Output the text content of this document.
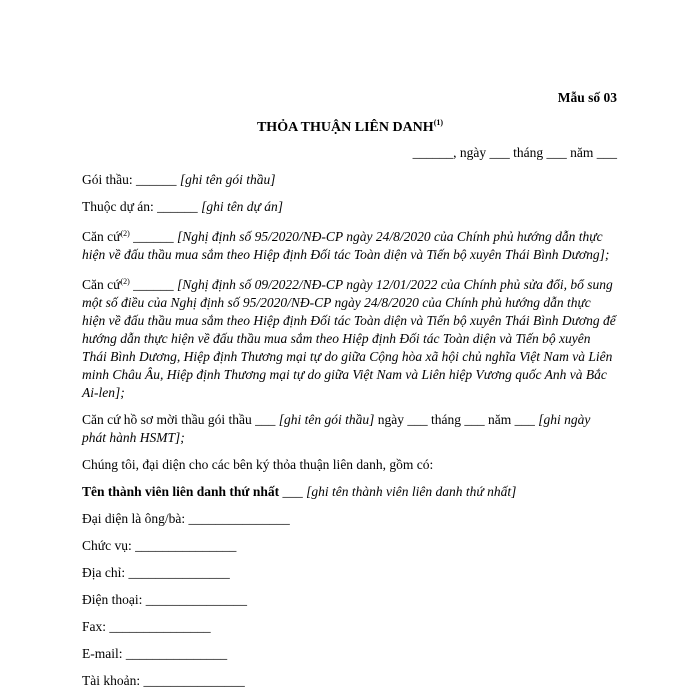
Mẫu số 03
THỎA THUẬN LIÊN DANH$^{(1)}$
______, ngày ___ tháng ___ năm ___

Gói thầu: ______ [ghi tên gói thầu]

Thuộc dự án: ______ [ghi tên dự án]

Căn cứ$^{(2)}$ ______ [Nghị định số 95/2020/NĐ-CP ngày 24/8/2020 của Chính phủ hướng dẫn thực hiện về đấu thầu mua sắm theo Hiệp định Đối tác Toàn diện và Tiến bộ xuyên Thái Bình Dương];

Căn cứ$^{(2)}$ ______ [Nghị định số 09/2022/NĐ-CP ngày 12/01/2022 của Chính phủ sửa đổi, bổ sung một số điều của Nghị định số 95/2020/NĐ-CP ngày 24/8/2020 của Chính phủ hướng dẫn thực hiện về đấu thầu mua sắm theo Hiệp định Đối tác Toàn diện và Tiến bộ xuyên Thái Bình Dương để hướng dẫn thực hiện về đấu thầu mua sắm theo Hiệp định Đối tác Toàn diện và Tiến bộ xuyên Thái Bình Dương, Hiệp định Thương mại tự do giữa Cộng hòa xã hội chủ nghĩa Việt Nam và Liên minh Châu Âu, Hiệp định Thương mại tự do giữa Việt Nam và Liên hiệp Vương quốc Anh và Bắc Ai-len];

Căn cứ hồ sơ mời thầu gói thầu ___ [ghi tên gói thầu] ngày ___ tháng ___ năm ___ [ghi ngày phát hành HSMT];

Chúng tôi, đại diện cho các bên ký thỏa thuận liên danh, gồm có:

Tên thành viên liên danh thứ nhất ___ [ghi tên thành viên liên danh thứ nhất]

Đại diện là ông/bà: _______________

Chức vụ: _______________

Địa chỉ: _______________

Điện thoại: _______________

Fax: _______________

E-mail: _______________

Tài khoản: _______________
